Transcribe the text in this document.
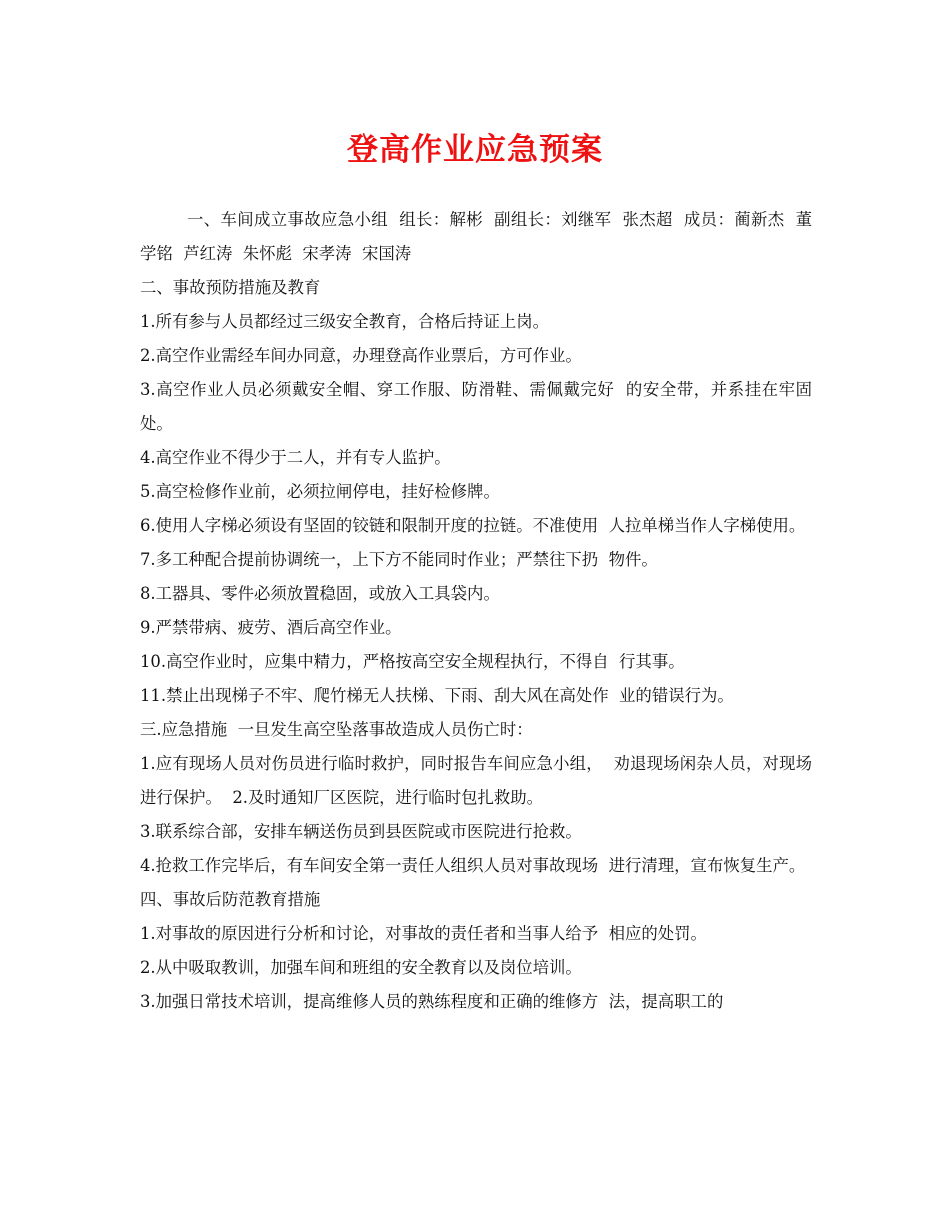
登高作业应急预案

一、车间成立事故应急小组  组长：解彬  副组长：刘继军  张杰超  成员：蔺新杰  董学铭  芦红涛  朱怀彪  宋孝涛  宋国涛

二、事故预防措施及教育

1.所有参与人员都经过三级安全教育，合格后持证上岗。

2.高空作业需经车间办同意，办理登高作业票后，方可作业。

3.高空作业人员必须戴安全帽、穿工作服、防滑鞋、需佩戴完好  的安全带，并系挂在牢固处。

4.高空作业不得少于二人，并有专人监护。

5.高空检修作业前，必须拉闸停电，挂好检修牌。

6.使用人字梯必须设有坚固的铰链和限制开度的拉链。不准使用  人拉单梯当作人字梯使用。

7.多工种配合提前协调统一，上下方不能同时作业；严禁往下扔  物件。

8.工器具、零件必须放置稳固，或放入工具袋内。

9.严禁带病、疲劳、酒后高空作业。

10.高空作业时，应集中精力，严格按高空安全规程执行，不得自  行其事。

11.禁止出现梯子不牢、爬竹梯无人扶梯、下雨、刮大风在高处作  业的错误行为。

三.应急措施  一旦发生高空坠落事故造成人员伤亡时：

1.应有现场人员对伤员进行临时救护，同时报告车间应急小组，  劝退现场闲杂人员，对现场进行保护。  2.及时通知厂区医院，进行临时包扎救助。

3.联系综合部，安排车辆送伤员到县医院或市医院进行抢救。

4.抢救工作完毕后，有车间安全第一责任人组织人员对事故现场  进行清理，宣布恢复生产。

四、事故后防范教育措施

1.对事故的原因进行分析和讨论，对事故的责任者和当事人给予  相应的处罚。

2.从中吸取教训，加强车间和班组的安全教育以及岗位培训。

3.加强日常技术培训，提高维修人员的熟练程度和正确的维修方  法，提高职工的
